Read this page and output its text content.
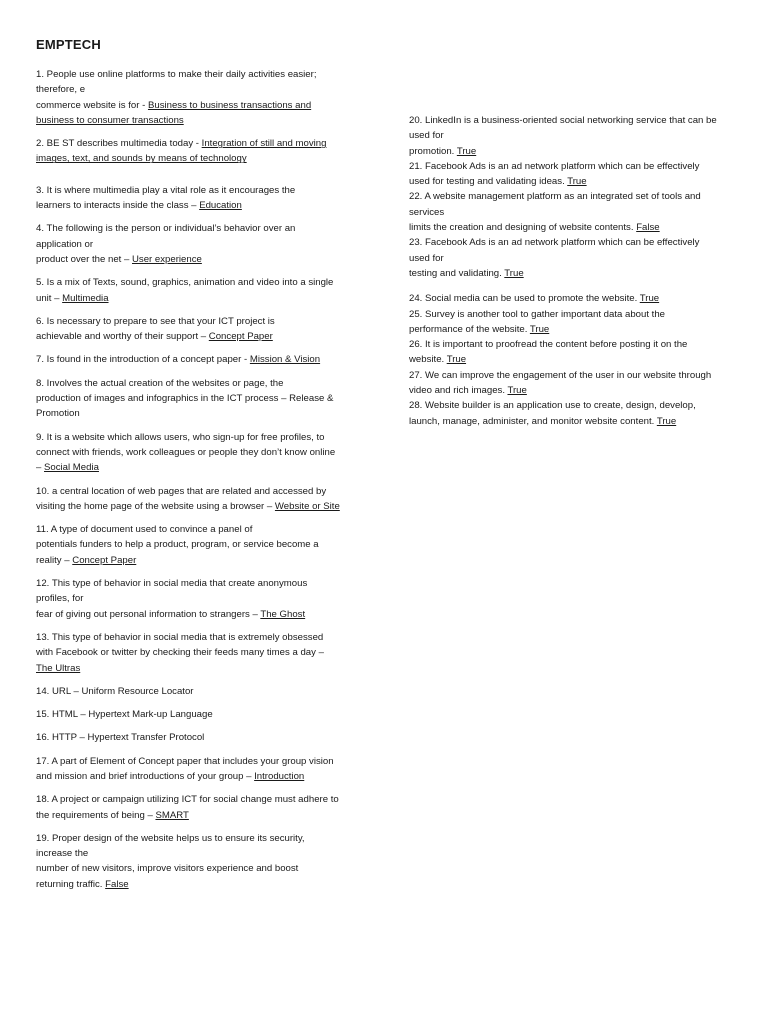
EMPTECH
1. People use online platforms to make their daily activities easier;
therefore, e
commerce website is for - Business to business transactions and
business to consumer transactions
2. BE ST describes multimedia today - Integration of still and moving
images, text, and sounds by means of technology
3. It is where multimedia play a vital role as it encourages the
learners to interacts inside the class – Education
4. The following is the person or individual’s behavior over an
application or
product over the net – User experience
5. Is a mix of Texts, sound, graphics, animation and video into a single
unit – Multimedia
6. Is necessary to prepare to see that your ICT project is
achievable and worthy of their support – Concept Paper
7. Is found in the introduction of a concept paper - Mission & Vision
8. Involves the actual creation of the websites or page, the
production of images and infographics in the ICT process – Release &
Promotion
9. It is a website which allows users, who sign-up for free profiles, to
connect with friends, work colleagues or people they don’t know online
– Social Media
10. a central location of web pages that are related and accessed by
visiting the home page of the website using a browser – Website or Site
11. A type of document used to convince a panel of
potentials funders to help a product, program, or service become a
reality – Concept Paper
12. This type of behavior in social media that create anonymous
profiles, for
fear of giving out personal information to strangers – The Ghost
13. This type of behavior in social media that is extremely obsessed
with Facebook or twitter by checking their feeds many times a day –
The Ultras
14. URL – Uniform Resource Locator
15. HTML – Hypertext Mark-up Language
16. HTTP – Hypertext Transfer Protocol
17. A part of Element of Concept paper that includes your group vision
and mission and brief introductions of your group – Introduction
18. A project or campaign utilizing ICT for social change must adhere to
the requirements of being – SMART
19. Proper design of the website helps us to ensure its security,
increase the
number of new visitors, improve visitors experience and boost
returning traffic. False
20. LinkedIn is a business-oriented social networking service that can be
used for
promotion. True
21. Facebook Ads is an ad network platform which can be effectively
used for testing and validating ideas. True
22. A website management platform as an integrated set of tools and
services
limits the creation and designing of website contents. False
23. Facebook Ads is an ad network platform which can be effectively
used for
testing and validating. True
24. Social media can be used to promote the website. True
25. Survey is another tool to gather important data about the
performance of the website. True
26. It is important to proofread the content before posting it on the
website. True
27. We can improve the engagement of the user in our website through
video and rich images. True
28. Website builder is an application use to create, design, develop,
launch, manage, administer, and monitor website content. True
